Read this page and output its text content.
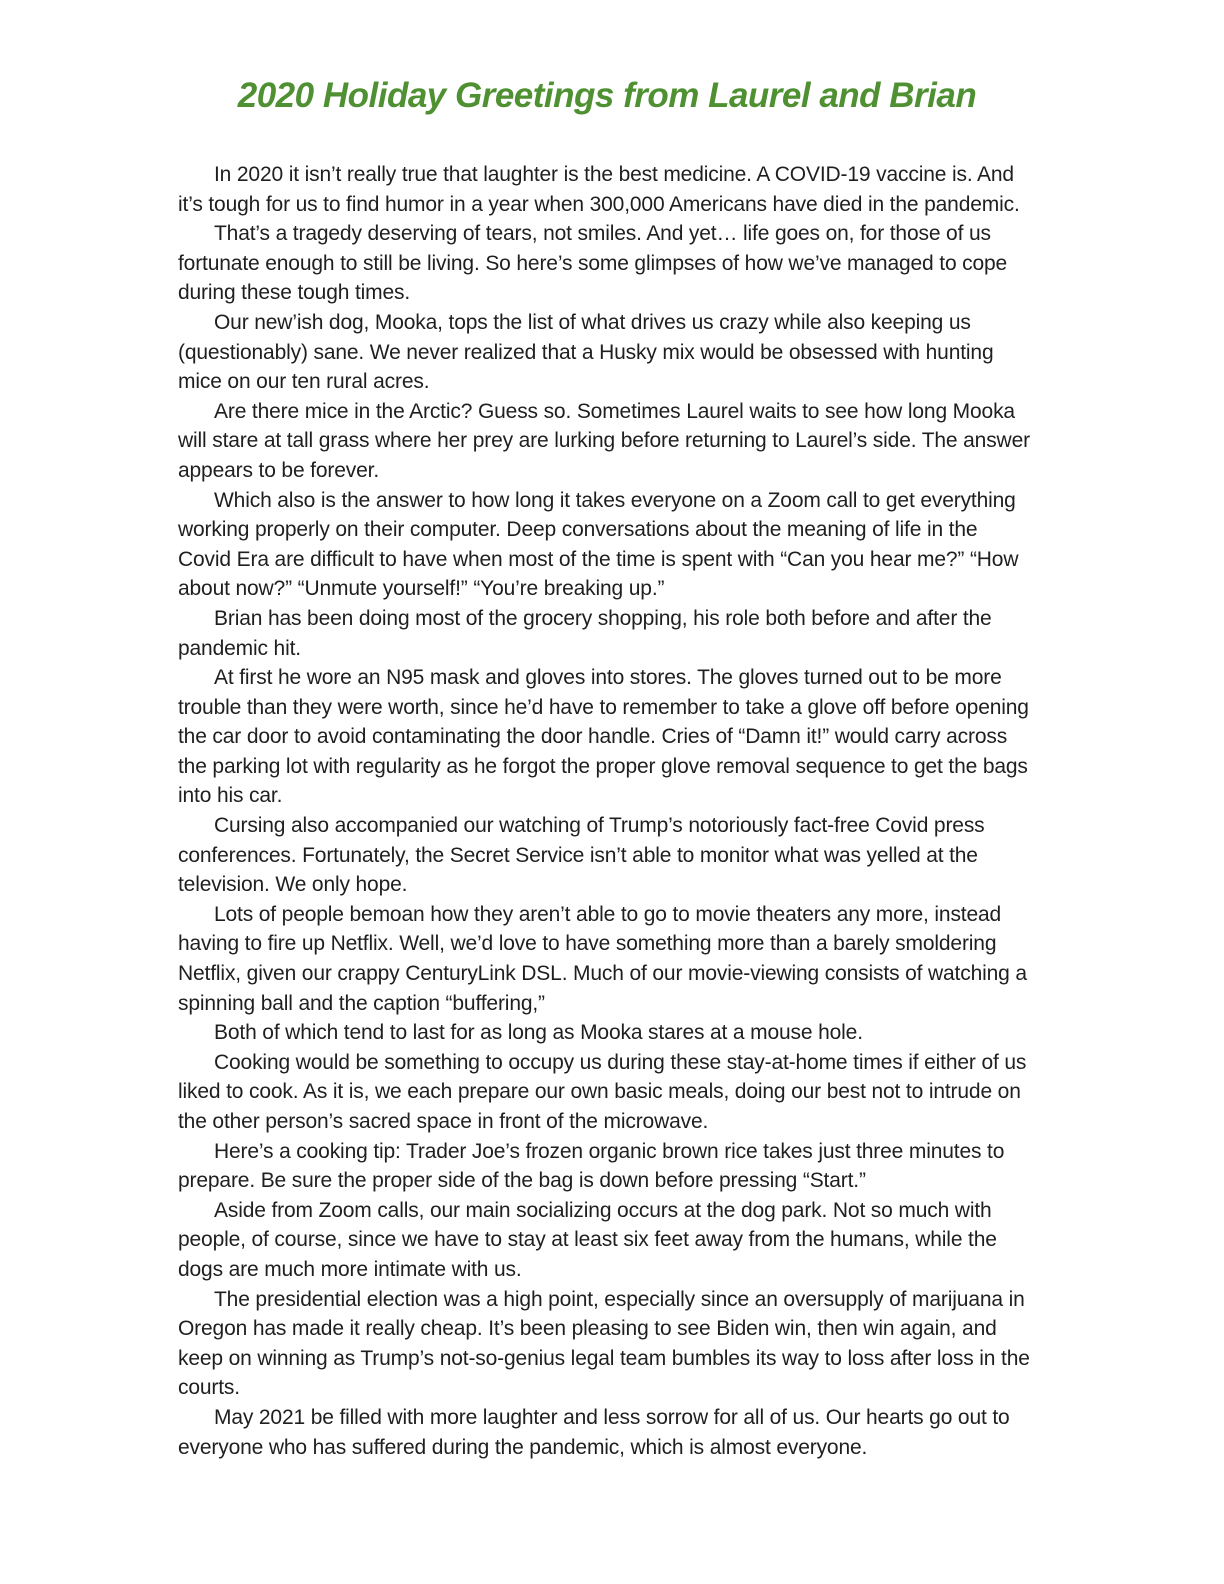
2020 Holiday Greetings from Laurel and Brian

In 2020 it isn’t really true that laughter is the best medicine. A COVID-19 vaccine is. And it’s tough for us to find humor in a year when 300,000 Americans have died in the pandemic.

That’s a tragedy deserving of tears, not smiles. And yet… life goes on, for those of us fortunate enough to still be living. So here’s some glimpses of how we’ve managed to cope during these tough times.

Our new’ish dog, Mooka, tops the list of what drives us crazy while also keeping us (questionably) sane. We never realized that a Husky mix would be obsessed with hunting mice on our ten rural acres.

Are there mice in the Arctic? Guess so. Sometimes Laurel waits to see how long Mooka will stare at tall grass where her prey are lurking before returning to Laurel’s side. The answer appears to be forever.

Which also is the answer to how long it takes everyone on a Zoom call to get everything working properly on their computer. Deep conversations about the meaning of life in the Covid Era are difficult to have when most of the time is spent with “Can you hear me?” “How about now?” “Unmute yourself!” “You’re breaking up.”

Brian has been doing most of the grocery shopping, his role both before and after the pandemic hit.

At first he wore an N95 mask and gloves into stores. The gloves turned out to be more trouble than they were worth, since he’d have to remember to take a glove off before opening the car door to avoid contaminating the door handle. Cries of “Damn it!” would carry across the parking lot with regularity as he forgot the proper glove removal sequence to get the bags into his car.

Cursing also accompanied our watching of Trump’s notoriously fact-free Covid press conferences. Fortunately, the Secret Service isn’t able to monitor what was yelled at the television. We only hope.

Lots of people bemoan how they aren’t able to go to movie theaters any more, instead having to fire up Netflix. Well, we’d love to have something more than a barely smoldering Netflix, given our crappy CenturyLink DSL. Much of our movie-viewing consists of watching a spinning ball and the caption “buffering,”

Both of which tend to last for as long as Mooka stares at a mouse hole.

Cooking would be something to occupy us during these stay-at-home times if either of us liked to cook. As it is, we each prepare our own basic meals, doing our best not to intrude on the other person’s sacred space in front of the microwave.

Here’s a cooking tip: Trader Joe’s frozen organic brown rice takes just three minutes to prepare. Be sure the proper side of the bag is down before pressing “Start.”

Aside from Zoom calls, our main socializing occurs at the dog park. Not so much with people, of course, since we have to stay at least six feet away from the humans, while the dogs are much more intimate with us.

The presidential election was a high point, especially since an oversupply of marijuana in Oregon has made it really cheap. It’s been pleasing to see Biden win, then win again, and keep on winning as Trump’s not-so-genius legal team bumbles its way to loss after loss in the courts.

May 2021 be filled with more laughter and less sorrow for all of us. Our hearts go out to everyone who has suffered during the pandemic, which is almost everyone.
